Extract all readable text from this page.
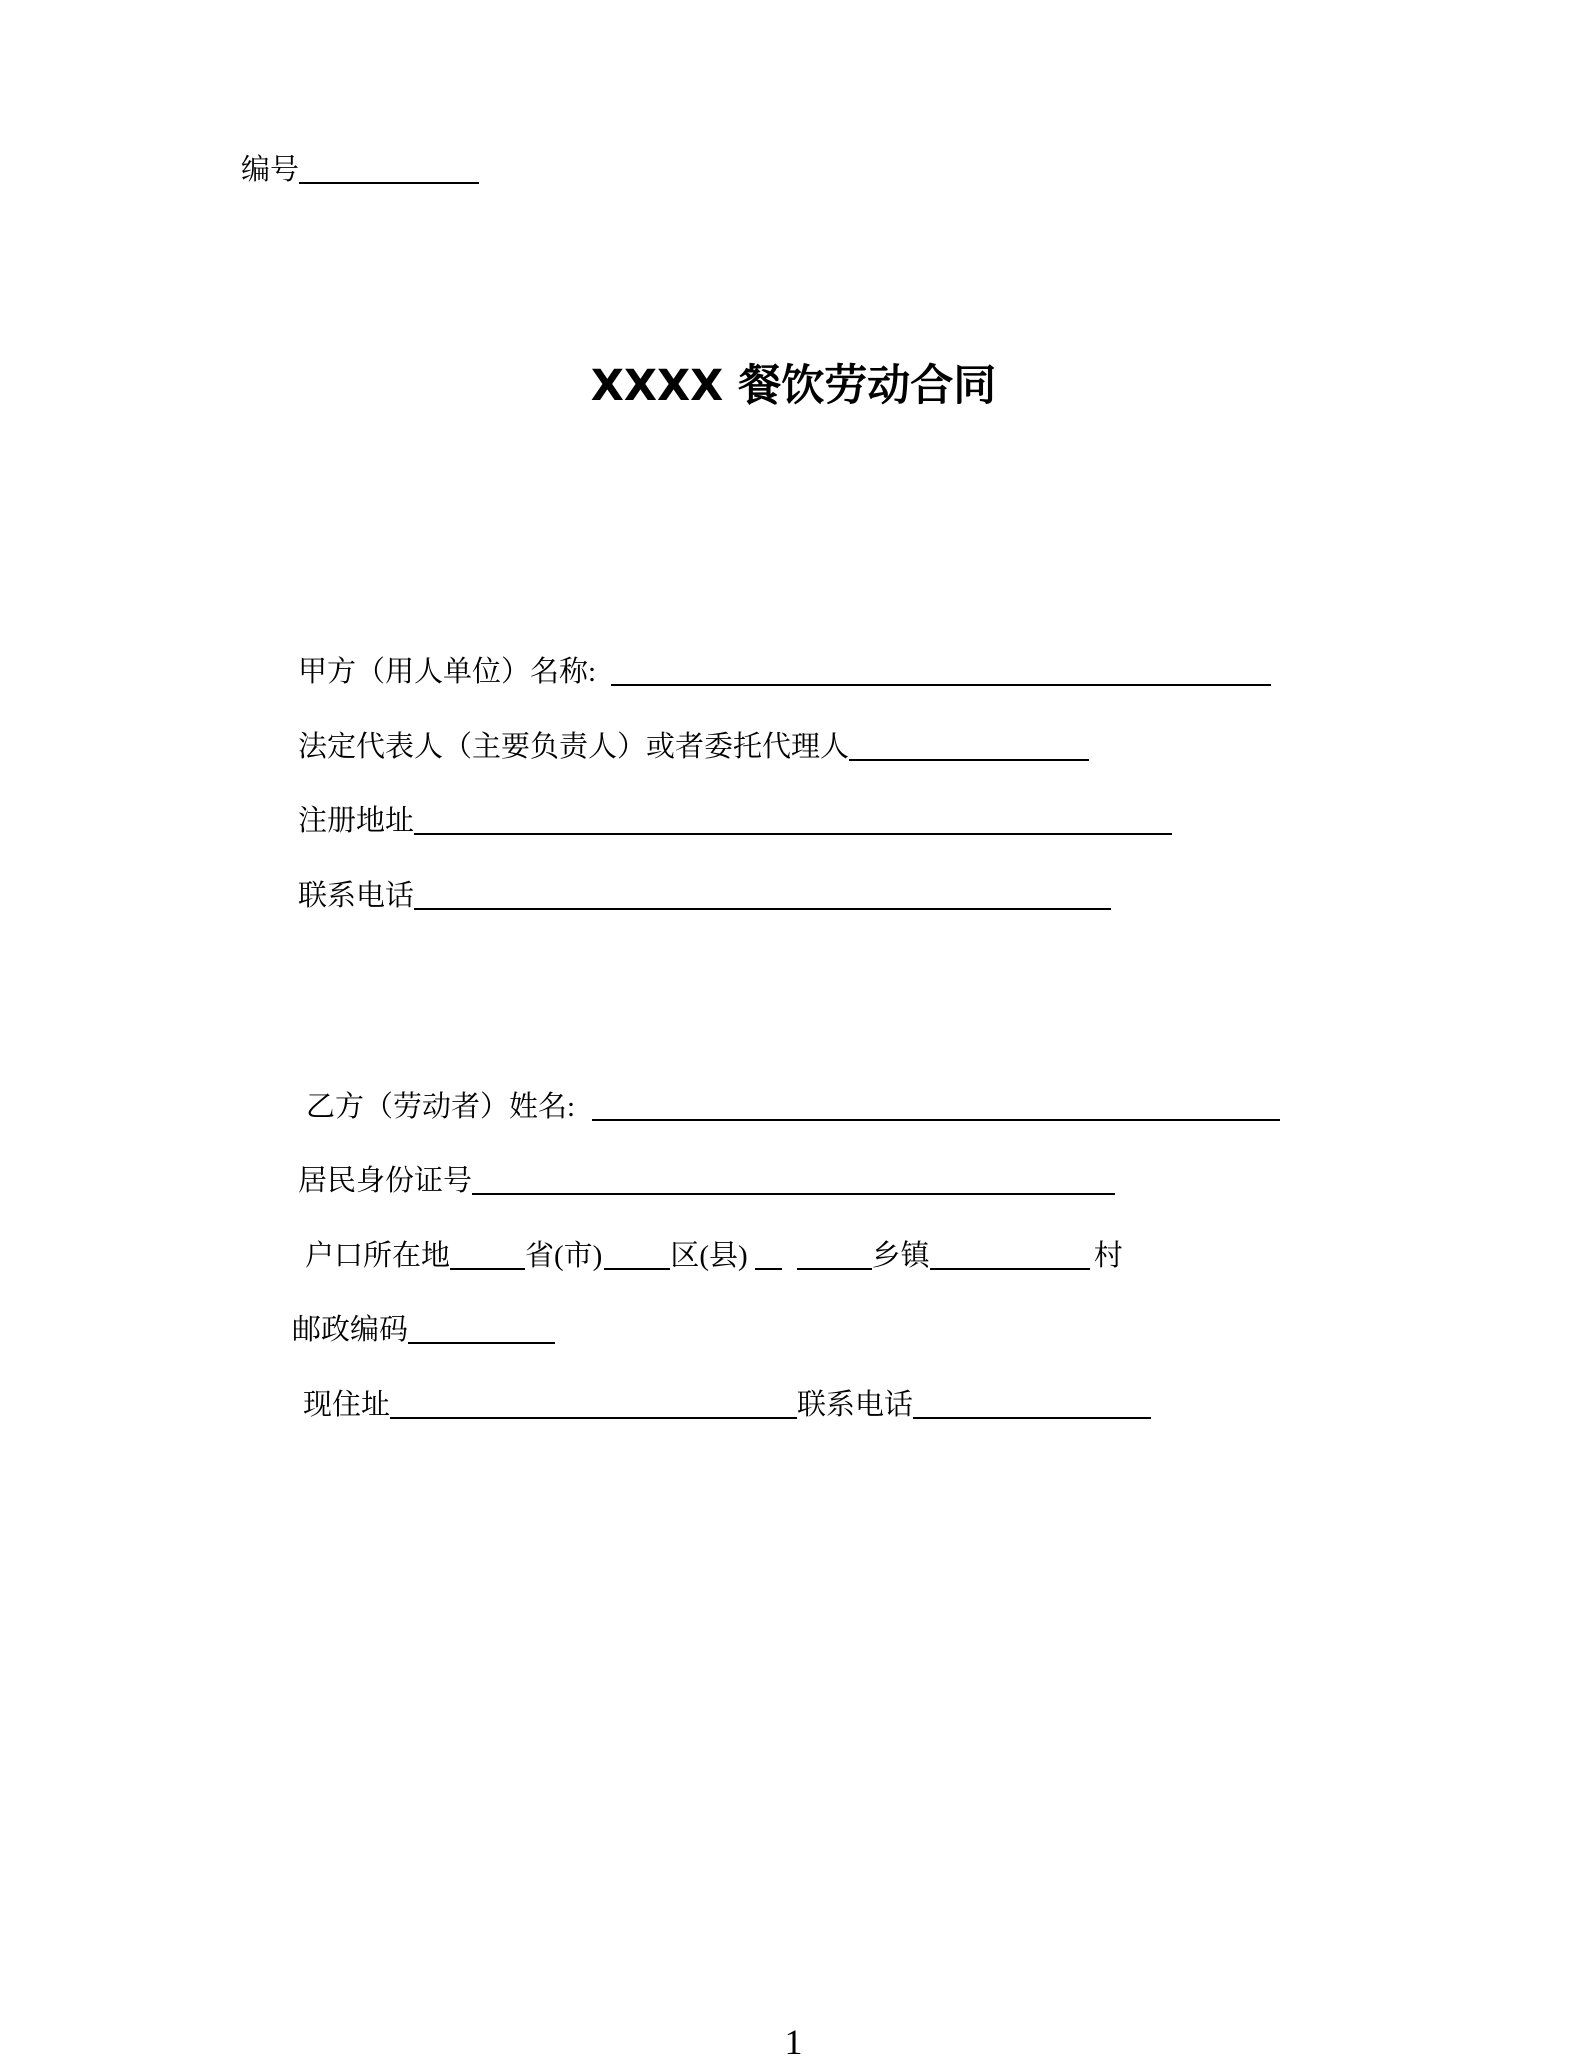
编号
XXXX 餐饮劳动合同
甲方（用人单位）名称:
法定代表人（主要负责人）或者委托代理人
注册地址
联系电话
乙方（劳动者）姓名:
居民身份证号
户口所在地	省(市) 区(县)	乡镇	村
邮政编码
现住址	联系电话
1
